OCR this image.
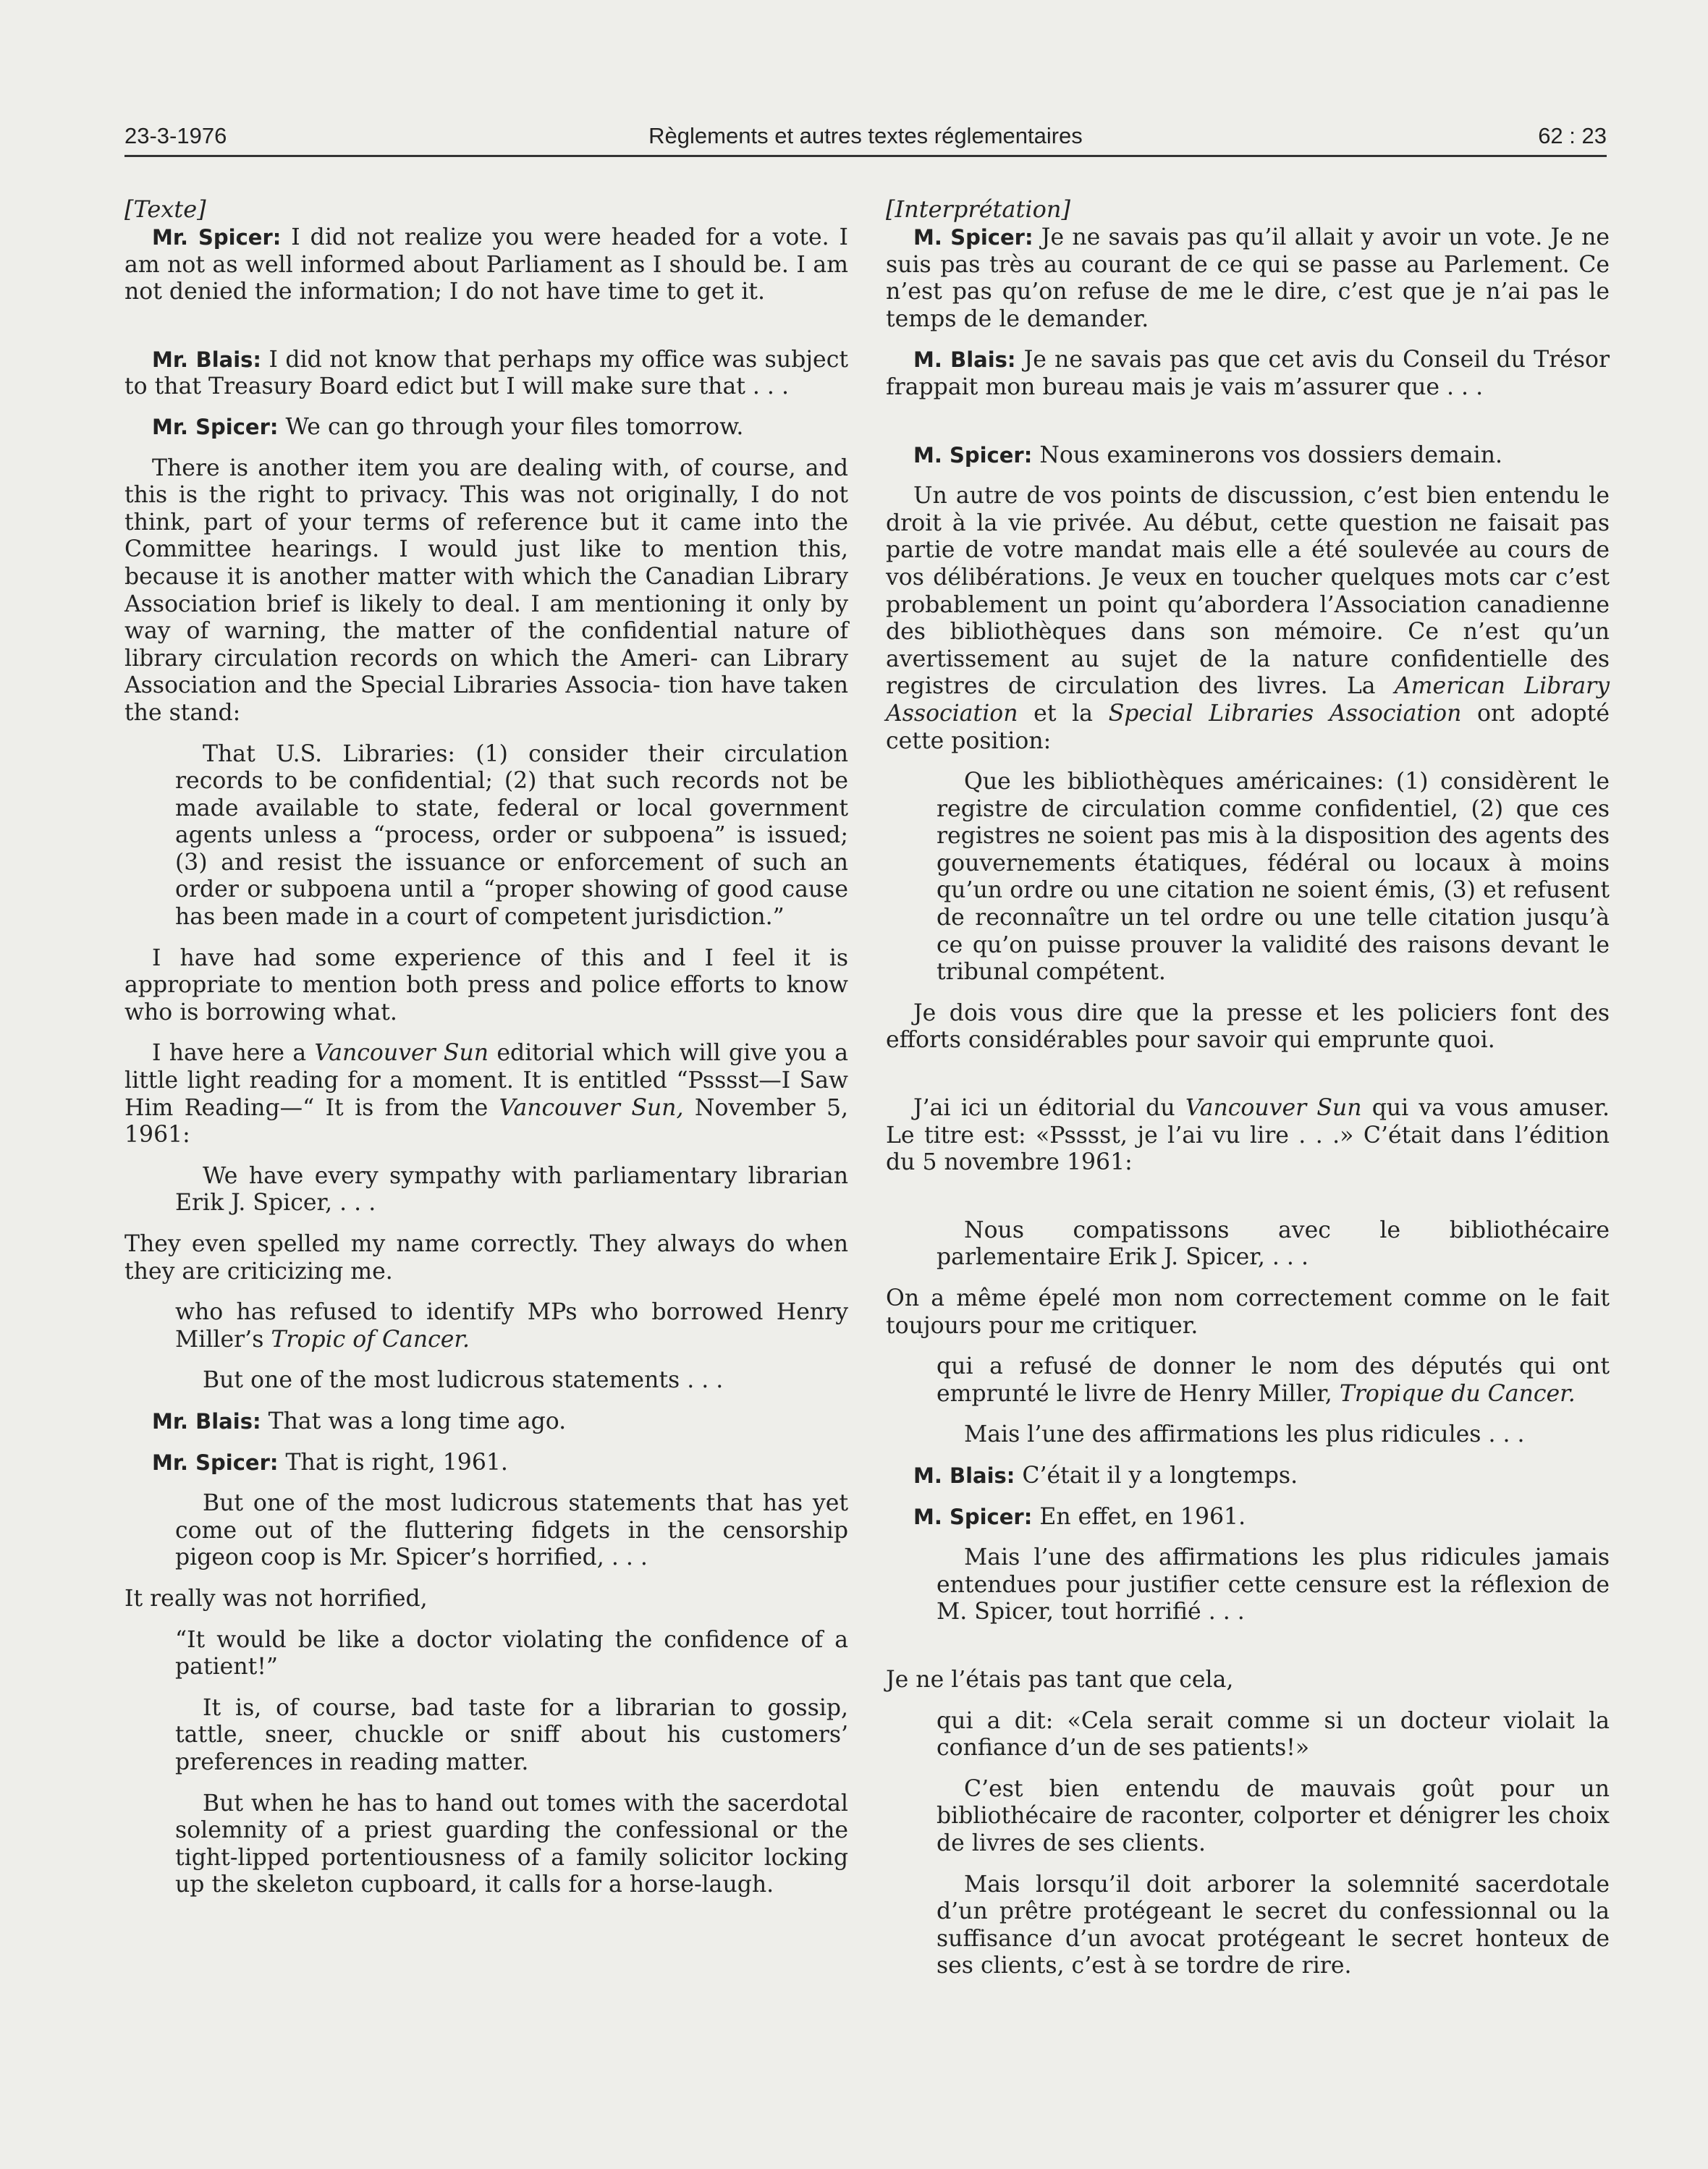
23-3-1976	Règlements et autres textes réglementaires	62 : 23
[Texte]

Mr. Spicer: I did not realize you were headed for a vote. I am not as well informed about Parliament as I should be. I am not denied the information; I do not have time to get it.

Mr. Blais: I did not know that perhaps my office was subject to that Treasury Board edict but I will make sure that . . .

Mr. Spicer: We can go through your files tomorrow.

There is another item you are dealing with, of course, and this is the right to privacy. This was not originally, I do not think, part of your terms of reference but it came into the Committee hearings. I would just like to mention this, because it is another matter with which the Canadian Library Association brief is likely to deal. I am mentioning it only by way of warning, the matter of the confidential nature of library circulation records on which the Ameri- can Library Association and the Special Libraries Associa- tion have taken the stand:

That U.S. Libraries: (1) consider their circulation records to be confidential; (2) that such records not be made available to state, federal or local government agents unless a “process, order or subpoena” is issued; (3) and resist the issuance or enforcement of such an order or subpoena until a “proper showing of good cause has been made in a court of competent jurisdiction.”

I have had some experience of this and I feel it is appropriate to mention both press and police efforts to know who is borrowing what.

I have here a Vancouver Sun editorial which will give you a little light reading for a moment. It is entitled “Psssst—I Saw Him Reading—“ It is from the Vancouver Sun, November 5, 1961:

We have every sympathy with parliamentary librarian Erik J. Spicer, . . .

They even spelled my name correctly. They always do when they are criticizing me.

who has refused to identify MPs who borrowed Henry Miller’s Tropic of Cancer.

But one of the most ludicrous statements . . .

Mr. Blais: That was a long time ago.

Mr. Spicer: That is right, 1961.

But one of the most ludicrous statements that has yet come out of the fluttering fidgets in the censorship pigeon coop is Mr. Spicer’s horrified, . . .

It really was not horrified,

“It would be like a doctor violating the confidence of a patient!”

It is, of course, bad taste for a librarian to gossip, tattle, sneer, chuckle or sniff about his customers’ preferences in reading matter.

But when he has to hand out tomes with the sacerdotal solemnity of a priest guarding the confessional or the tight-lipped portentiousness of a family solicitor locking up the skeleton cupboard, it calls for a horse-laugh.

[Interprétation]

M. Spicer: Je ne savais pas qu’il allait y avoir un vote. Je ne suis pas très au courant de ce qui se passe au Parlement. Ce n’est pas qu’on refuse de me le dire, c’est que je n’ai pas le temps de le demander.

M. Blais: Je ne savais pas que cet avis du Conseil du Trésor frappait mon bureau mais je vais m’assurer que . . .

M. Spicer: Nous examinerons vos dossiers demain.

Un autre de vos points de discussion, c’est bien entendu le droit à la vie privée. Au début, cette question ne faisait pas partie de votre mandat mais elle a été soulevée au cours de vos délibérations. Je veux en toucher quelques mots car c’est probablement un point qu’abordera l’Association canadienne des bibliothèques dans son mémoire. Ce n’est qu’un avertissement au sujet de la nature confidentielle des registres de circulation des livres. La American Library Association et la Special Libraries Association ont adopté cette position:

Que les bibliothèques américaines: (1) considèrent le registre de circulation comme confidentiel, (2) que ces registres ne soient pas mis à la disposition des agents des gouvernements étatiques, fédéral ou locaux à moins qu’un ordre ou une citation ne soient émis, (3) et refusent de reconnaître un tel ordre ou une telle citation jusqu’à ce qu’on puisse prouver la validité des raisons devant le tribunal compétent.

Je dois vous dire que la presse et les policiers font des efforts considérables pour savoir qui emprunte quoi.

J’ai ici un éditorial du Vancouver Sun qui va vous amuser. Le titre est: «Psssst, je l’ai vu lire . . .» C’était dans l’édition du 5 novembre 1961:

Nous compatissons avec le bibliothécaire parlementaire Erik J. Spicer, . . .

On a même épelé mon nom correctement comme on le fait toujours pour me critiquer.

qui a refusé de donner le nom des députés qui ont emprunté le livre de Henry Miller, Tropique du Cancer.

Mais l’une des affirmations les plus ridicules . . .

M. Blais: C’était il y a longtemps.

M. Spicer: En effet, en 1961.

Mais l’une des affirmations les plus ridicules jamais entendues pour justifier cette censure est la réflexion de M. Spicer, tout horrifié . . .

Je ne l’étais pas tant que cela,

qui a dit: «Cela serait comme si un docteur violait la confiance d’un de ses patients!»

C’est bien entendu de mauvais goût pour un bibliothécaire de raconter, colporter et dénigrer les choix de livres de ses clients.

Mais lorsqu’il doit arborer la solemnité sacerdotale d’un prêtre protégeant le secret du confessionnal ou la suffisance d’un avocat protégeant le secret honteux de ses clients, c’est à se tordre de rire.
